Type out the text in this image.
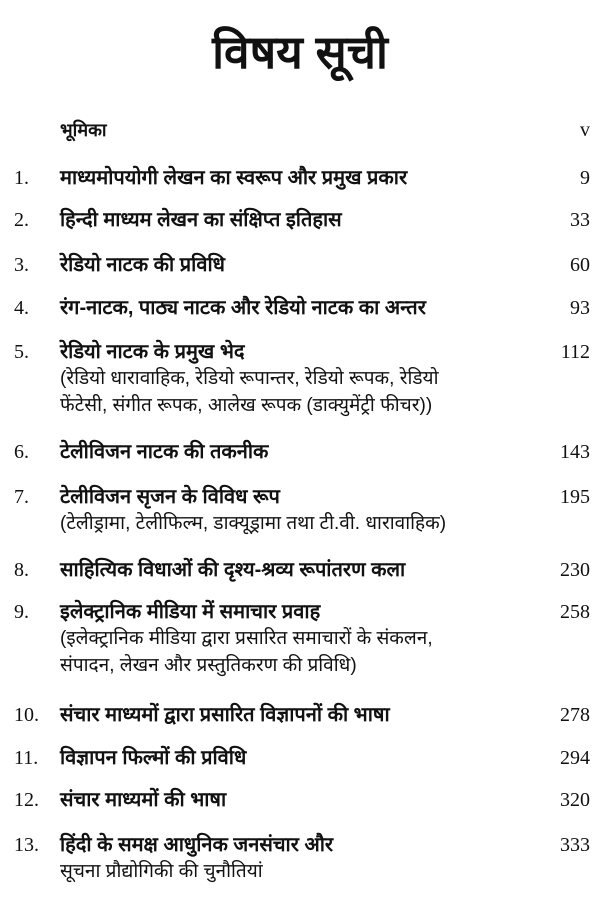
विषय सूची
भूमिका	v
1. माध्यमोपयोगी लेखन का स्वरूप और प्रमुख प्रकार	9
2. हिन्दी माध्यम लेखन का संक्षिप्त इतिहास	33
3. रेडियो नाटक की प्रविधि	60
4. रंग-नाटक, पाठ्य नाटक और रेडियो नाटक का अन्तर	93
5. रेडियो नाटक के प्रमुख भेद	112
(रेडियो धारावाहिक, रेडियो रूपान्तर, रेडियो रूपक, रेडियो
फेंटेसी, संगीत रूपक, आलेख रूपक (डाक्युमेंट्री फीचर))
6. टेलीविजन नाटक की तकनीक	143
7. टेलीविजन सृजन के विविध रूप	195
(टेलीड्रामा, टेलीफिल्म, डाक्यूड्रामा तथा टी.वी. धारावाहिक)
8. साहित्यिक विधाओं की दृश्य-श्रव्य रूपांतरण कला	230
9. इलेक्ट्रानिक मीडिया में समाचार प्रवाह	258
(इलेक्ट्रानिक मीडिया द्वारा प्रसारित समाचारों के संकलन,
संपादन, लेखन और प्रस्तुतिकरण की प्रविधि)
10. संचार माध्यमों द्वारा प्रसारित विज्ञापनों की भाषा	278
11. विज्ञापन फिल्मों की प्रविधि	294
12. संचार माध्यमों की भाषा	320
13. हिंदी के समक्ष आधुनिक जनसंचार और	333
सूचना प्रौद्योगिकी की चुनौतियां
